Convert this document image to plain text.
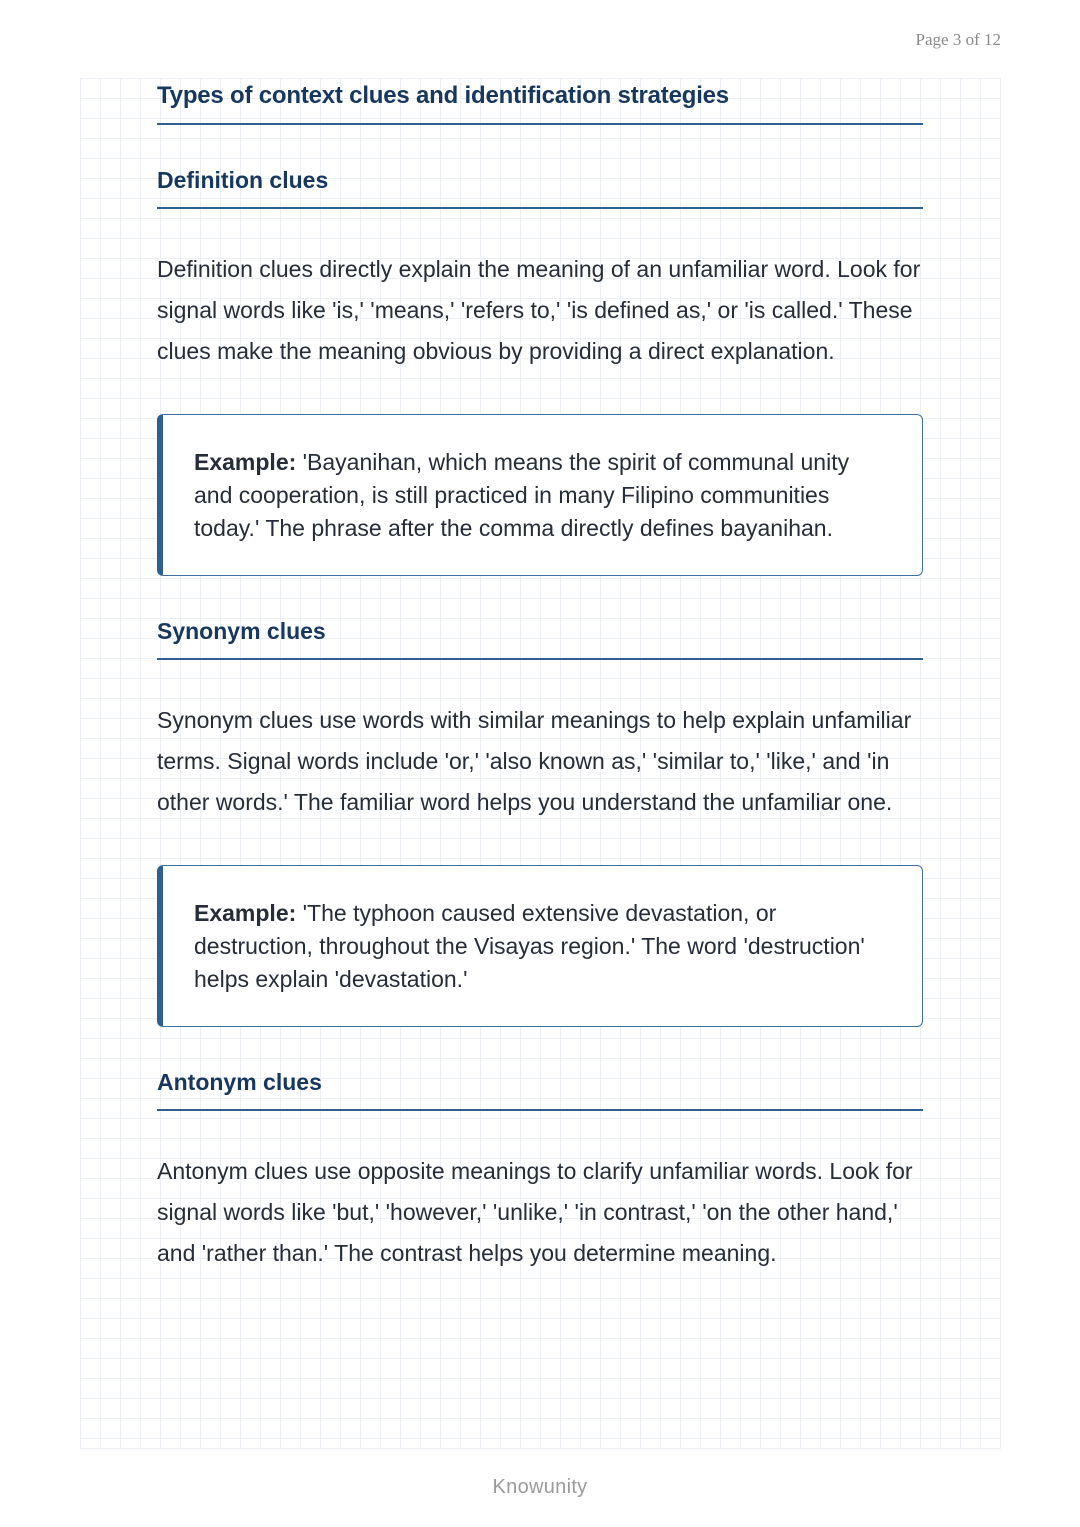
Page 3 of 12
Types of context clues and identification strategies
Definition clues

Definition clues directly explain the meaning of an unfamiliar word. Look for signal words like 'is,' 'means,' 'refers to,' 'is defined as,' or 'is called.' These clues make the meaning obvious by providing a direct explanation.

Example: 'Bayanihan, which means the spirit of communal unity and cooperation, is still practiced in many Filipino communities today.' The phrase after the comma directly defines bayanihan.
Synonym clues

Synonym clues use words with similar meanings to help explain unfamiliar terms. Signal words include 'or,' 'also known as,' 'similar to,' 'like,' and 'in other words.' The familiar word helps you understand the unfamiliar one.

Example: 'The typhoon caused extensive devastation, or destruction, throughout the Visayas region.' The word 'destruction' helps explain 'devastation.'
Antonym clues

Antonym clues use opposite meanings to clarify unfamiliar words. Look for signal words like 'but,' 'however,' 'unlike,' 'in contrast,' 'on the other hand,' and 'rather than.' The contrast helps you determine meaning.

Knowunity
